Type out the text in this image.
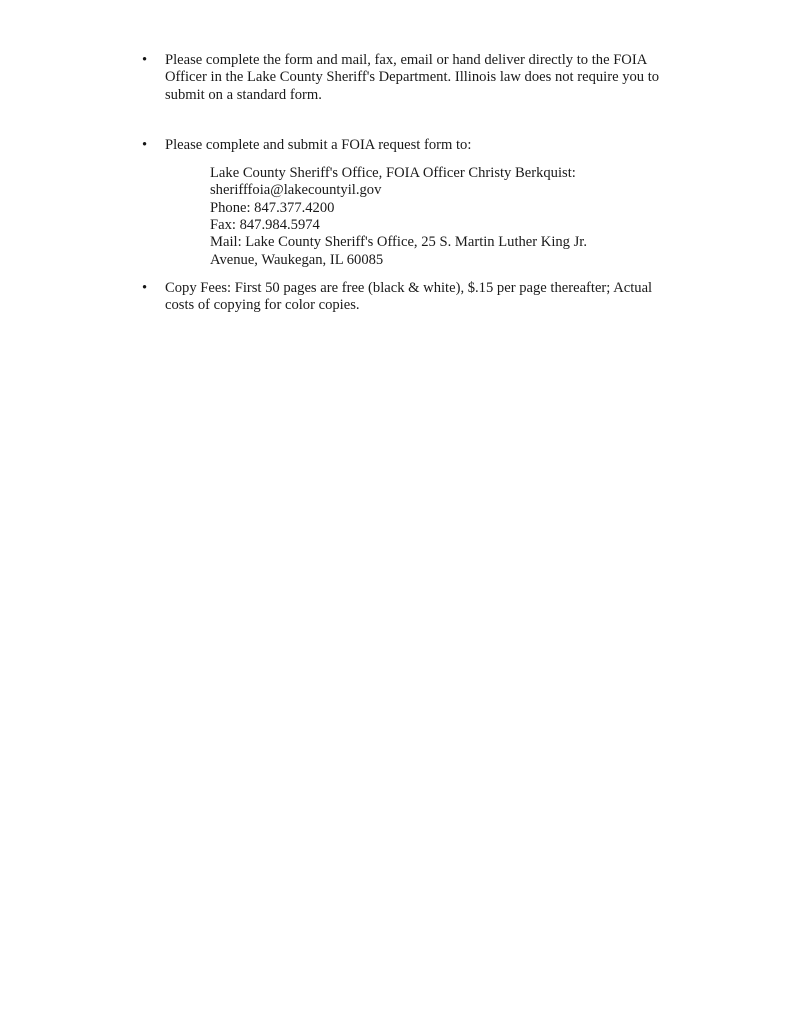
•	Please complete the form and mail, fax, email or hand deliver directly to the FOIA Officer in the Lake County Sheriff's Department. Illinois law does not require you to submit on a standard form.
•	Please complete and submit a FOIA request form to:
Lake County Sheriff's Office, FOIA Officer Christy Berkquist:
sherifffoia@lakecountyil.gov
Phone: 847.377.4200
Fax: 847.984.5974
Mail: Lake County Sheriff's Office, 25 S. Martin Luther King Jr. Avenue, Waukegan, IL 60085
•	Copy Fees: First 50 pages are free (black & white), $.15 per page thereafter; Actual costs of copying for color copies.
